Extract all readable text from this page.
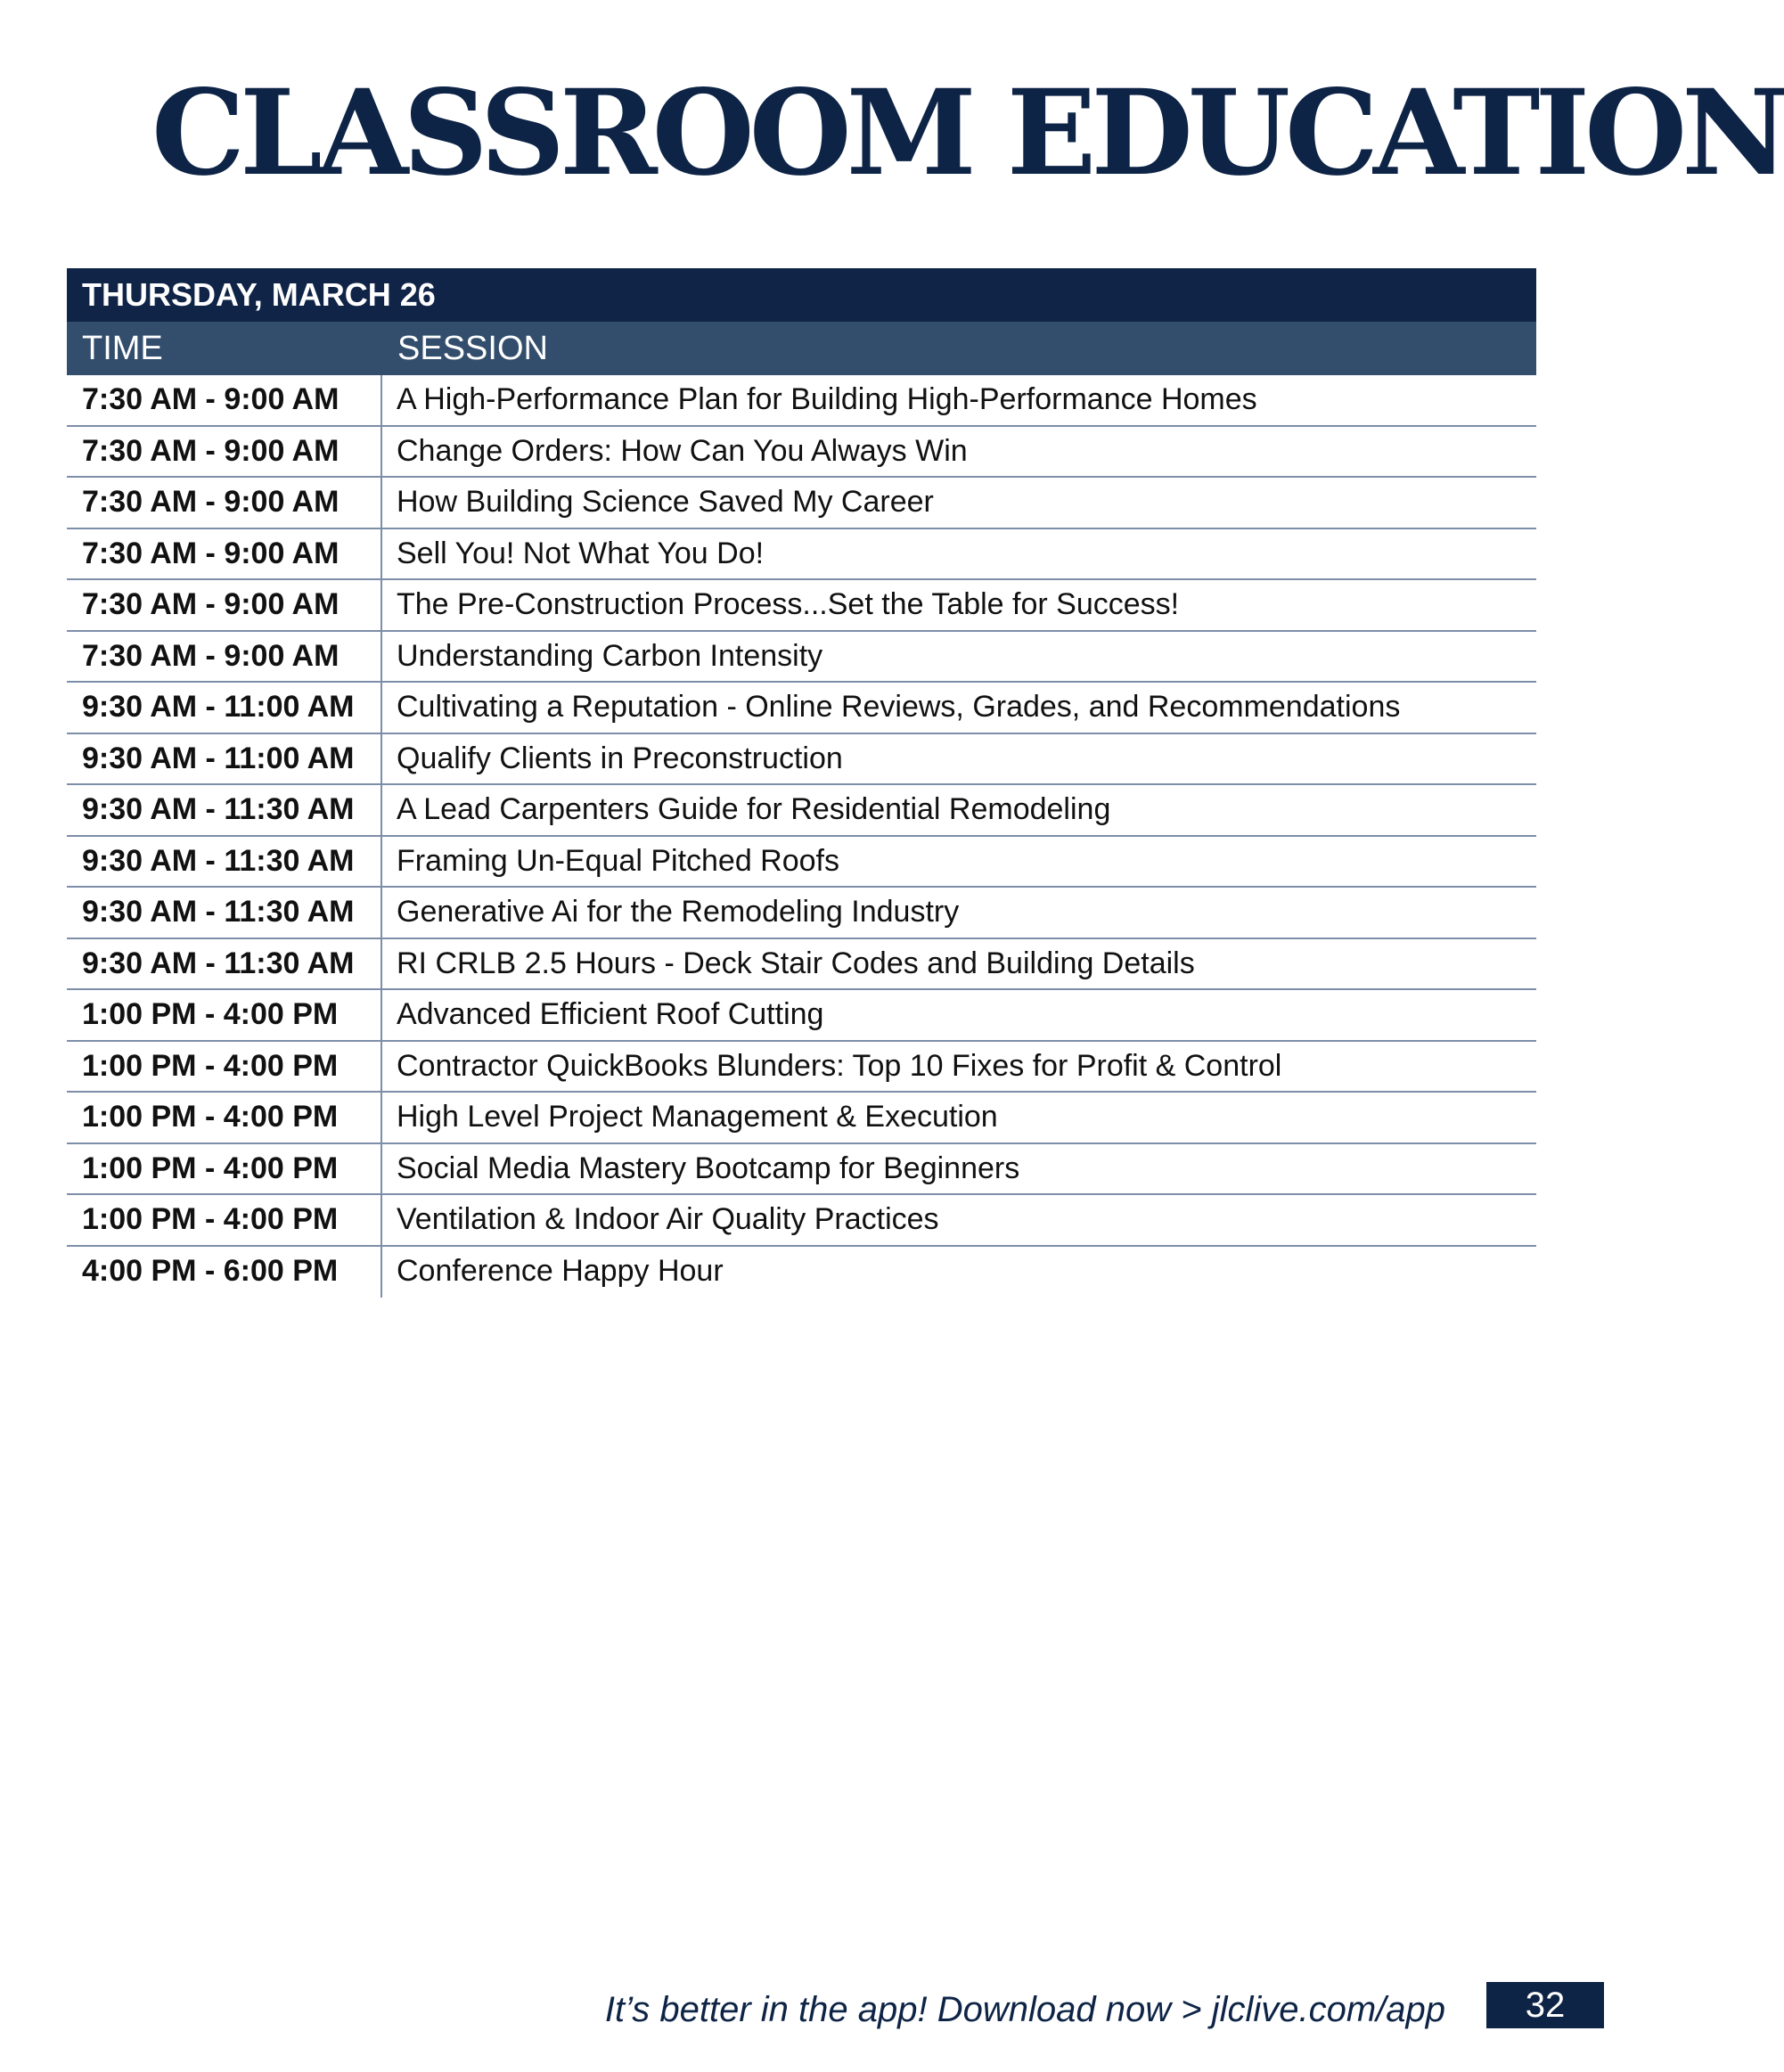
CLASSROOM EDUCATION
THURSDAY, MARCH 26
TIME	SESSION
7:30 AM - 9:00 AM	A High-Performance Plan for Building High-Performance Homes
7:30 AM - 9:00 AM	Change Orders: How Can You Always Win
7:30 AM - 9:00 AM	How Building Science Saved My Career
7:30 AM - 9:00 AM	Sell You! Not What You Do!
7:30 AM - 9:00 AM	The Pre-Construction Process...Set the Table for Success!
7:30 AM - 9:00 AM	Understanding Carbon Intensity
9:30 AM - 11:00 AM	Cultivating a Reputation - Online Reviews, Grades, and Recommendations
9:30 AM - 11:00 AM	Qualify Clients in Preconstruction
9:30 AM - 11:30 AM	A Lead Carpenters Guide for Residential Remodeling
9:30 AM - 11:30 AM	Framing Un-Equal Pitched Roofs
9:30 AM - 11:30 AM	Generative Ai for the Remodeling Industry
9:30 AM - 11:30 AM	RI CRLB 2.5 Hours - Deck Stair Codes and Building Details
1:00 PM - 4:00 PM	Advanced Efficient Roof Cutting
1:00 PM - 4:00 PM	Contractor QuickBooks Blunders: Top 10 Fixes for Profit & Control
1:00 PM - 4:00 PM	High Level Project Management & Execution
1:00 PM - 4:00 PM	Social Media Mastery Bootcamp for Beginners
1:00 PM - 4:00 PM	Ventilation & Indoor Air Quality Practices
4:00 PM - 6:00 PM	Conference Happy Hour
It’s better in the app! Download now > jlclive.com/app	32
